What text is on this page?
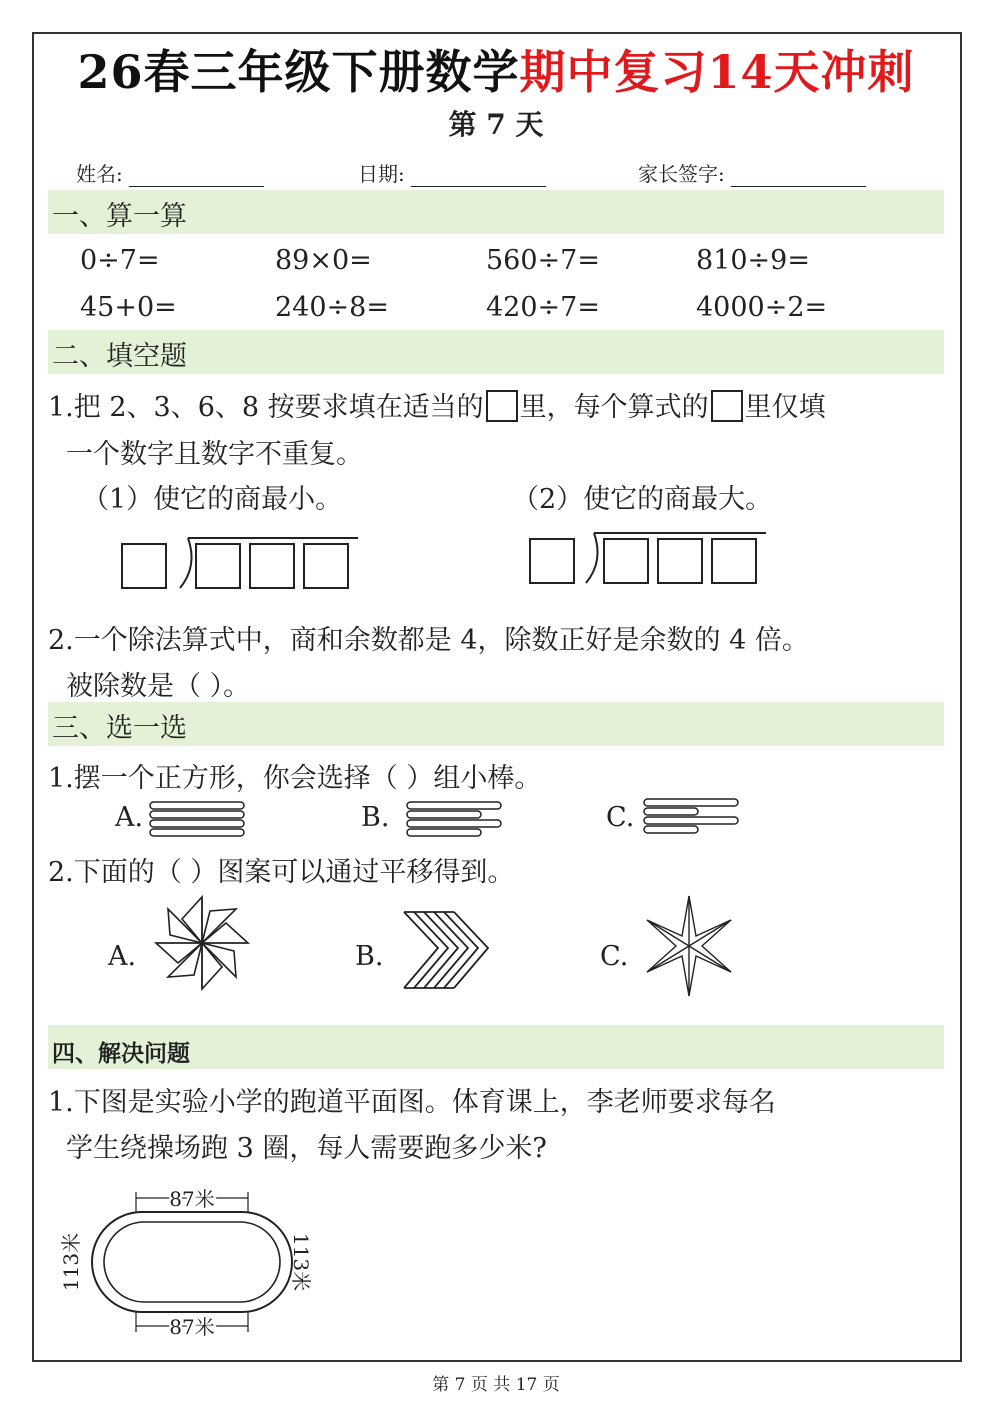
26春三年级下册数学期中复习14天冲刺
第 7 天
姓名:	日期:	家长签字:
一、算一算
0÷7=	89×0=	560÷7=	810÷9=
45+0=	240÷8=	420÷7=	4000÷2=
二、填空题
1.把 2、3、6、8 按要求填在适当的 里，每个算式的 里仅填
一个数字且数字不重复。
（1）使它的商最小。	（2）使它的商最大。
2.一个除法算式中，商和余数都是 4，除数正好是余数的 4 倍。
被除数是（ ）。
三、选一选
1.摆一个正方形，你会选择（ ）组小棒。
A.	B.	C.
2.下面的（ ）图案可以通过平移得到。
A.	B.	C.
四、解决问题
1.下图是实验小学的跑道平面图。体育课上，李老师要求每名
学生绕操场跑 3 圈，每人需要跑多少米?
87米
87米
113米	113米
第 7 页 共 17 页
